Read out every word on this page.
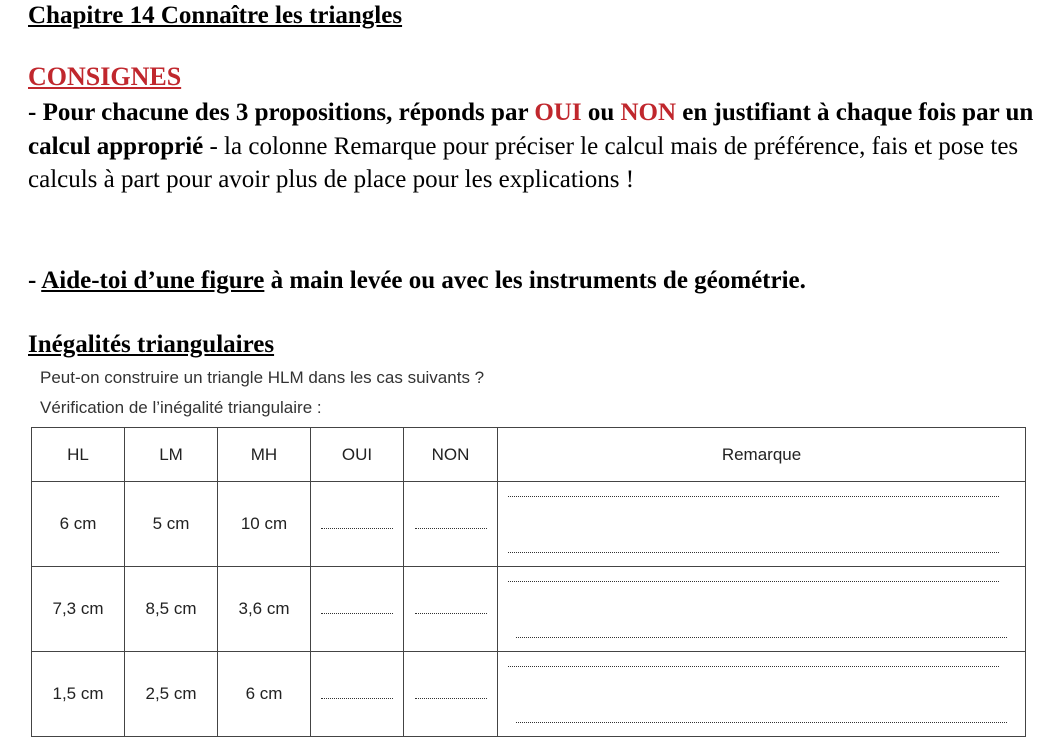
Chapitre 14 Connaître les triangles
CONSIGNES
- Pour chacune des 3 propositions, réponds par OUI ou NON en justifiant à chaque fois par un calcul approprié - la colonne Remarque pour préciser le calcul mais de préférence, fais et pose tes calculs à part pour avoir plus de place pour les explications !
- Aide-toi d’une figure à main levée ou avec les instruments de géométrie.
Inégalités triangulaires
Peut-on construire un triangle HLM dans les cas suivants ?
Vérification de l’inégalité triangulaire :
HL	LM	MH	OUI	NON	Remarque
6 cm	5 cm	10 cm			

7,3 cm	8,5 cm	3,6 cm			

1,5 cm	2,5 cm	6 cm			
